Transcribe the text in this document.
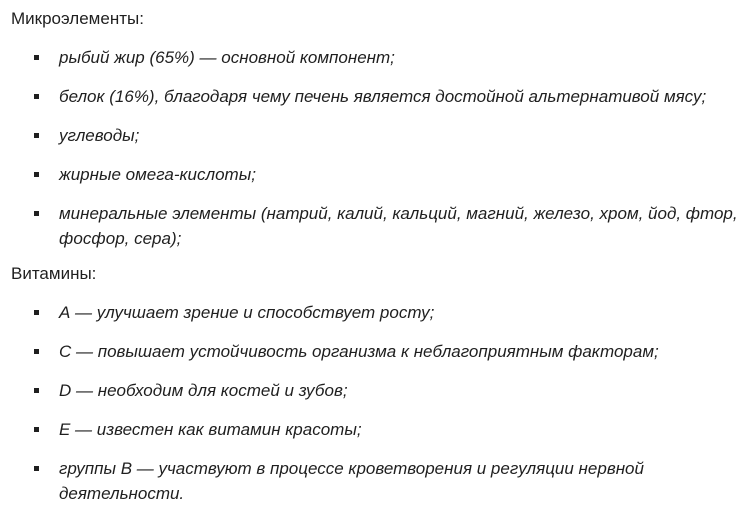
Микроэлементы:

рыбий жир (65%) — основной компонент;
белок (16%), благодаря чему печень является достойной альтернативой мясу;
углеводы;
жирные омега-кислоты;
минеральные элементы (натрий, калий, кальций, магний, железо, хром, йод, фтор, фосфор, сера);

Витамины:

А — улучшает зрение и способствует росту;
С — повышает устойчивость организма к неблагоприятным факторам;
D — необходим для костей и зубов;
Е — известен как витамин красоты;
группы В — участвуют в процессе кроветворения и регуляции нервной деятельности.
